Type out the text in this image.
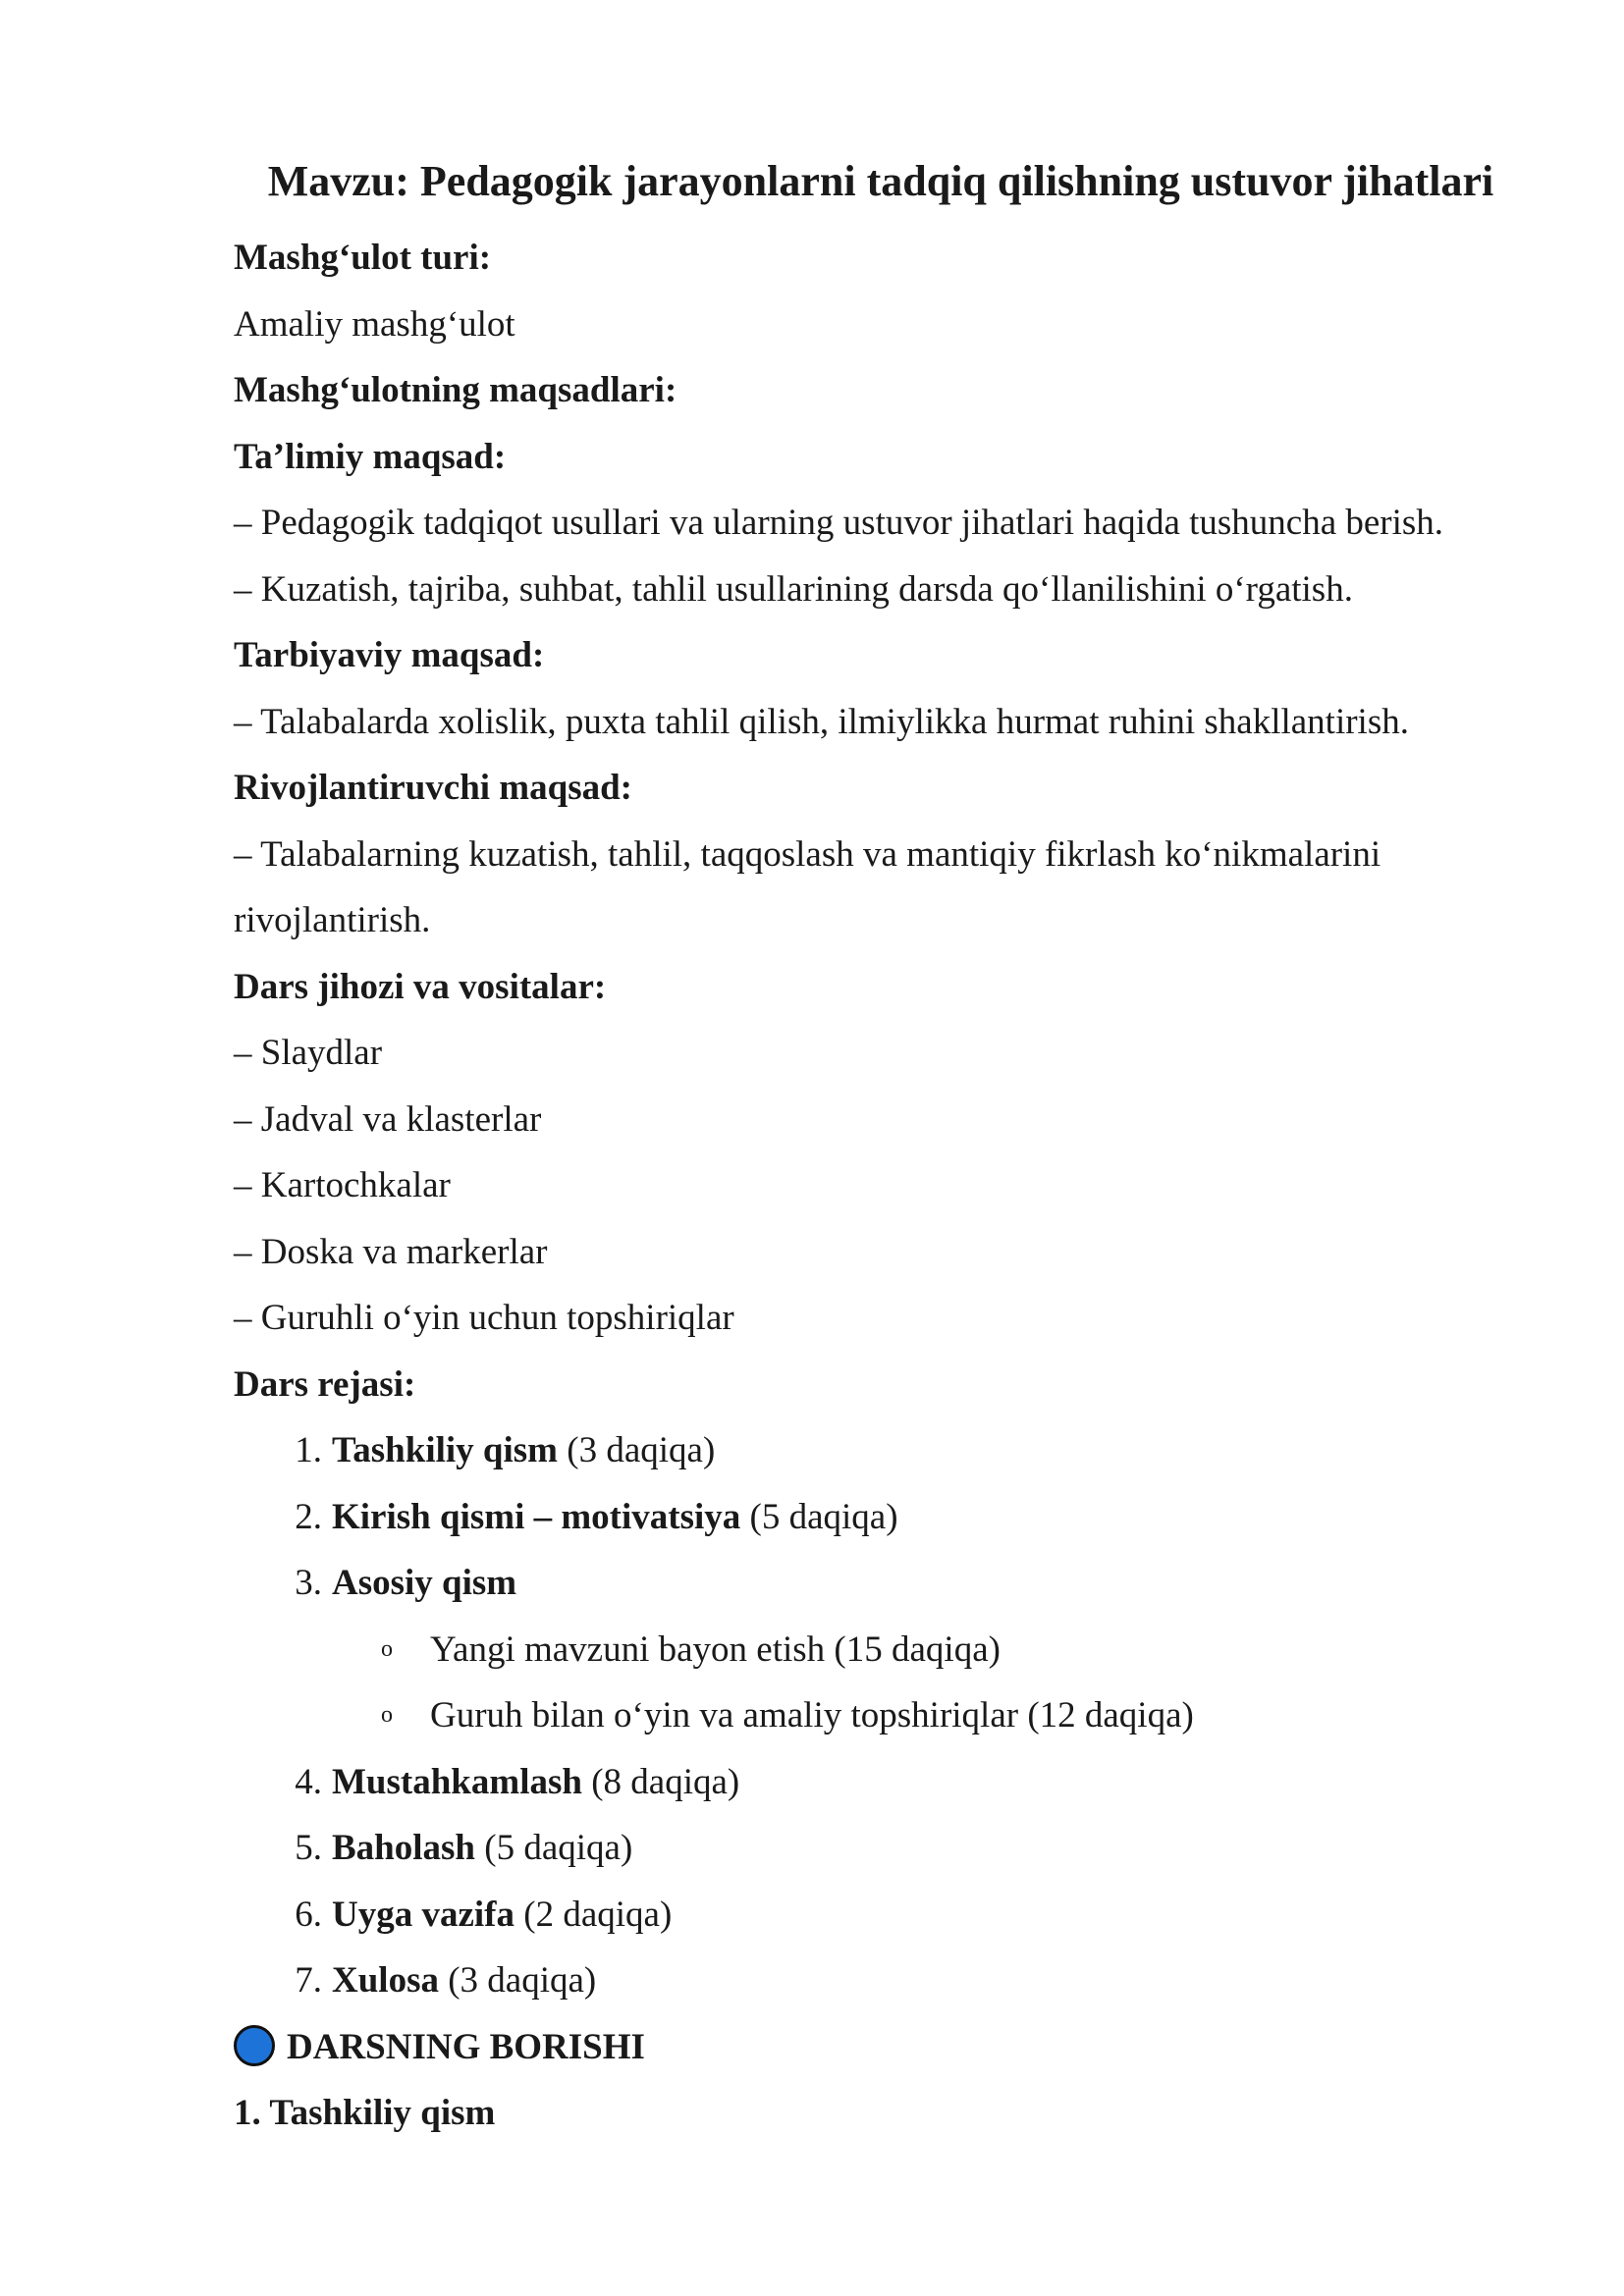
Mavzu: Pedagogik jarayonlarni tadqiq qilishning ustuvor jihatlari
Mashg‘ulot turi:
Amaliy mashg‘ulot
Mashg‘ulotning maqsadlari:
Ta’limiy maqsad:
– Pedagogik tadqiqot usullari va ularning ustuvor jihatlari haqida tushuncha berish.
– Kuzatish, tajriba, suhbat, tahlil usullarining darsda qo‘llanilishini o‘rgatish.
Tarbiyaviy maqsad:
– Talabalarda xolislik, puxta tahlil qilish, ilmiylikka hurmat ruhini shakllantirish.
Rivojlantiruvchi maqsad:
– Talabalarning kuzatish, tahlil, taqqoslash va mantiqiy fikrlash ko‘nikmalarini
rivojlantirish.
Dars jihozi va vositalar:
– Slaydlar
– Jadval va klasterlar
– Kartochkalar
– Doska va markerlar
– Guruhli o‘yin uchun topshiriqlar
Dars rejasi:
1. Tashkiliy qism (3 daqiqa)
2. Kirish qismi – motivatsiya (5 daqiqa)
3. Asosiy qism
o Yangi mavzuni bayon etish (15 daqiqa)
o Guruh bilan o‘yin va amaliy topshiriqlar (12 daqiqa)
4. Mustahkamlash (8 daqiqa)
5. Baholash (5 daqiqa)
6. Uyga vazifa (2 daqiqa)
7. Xulosa (3 daqiqa)
DARSNING BORISHI
1. Tashkiliy qism
